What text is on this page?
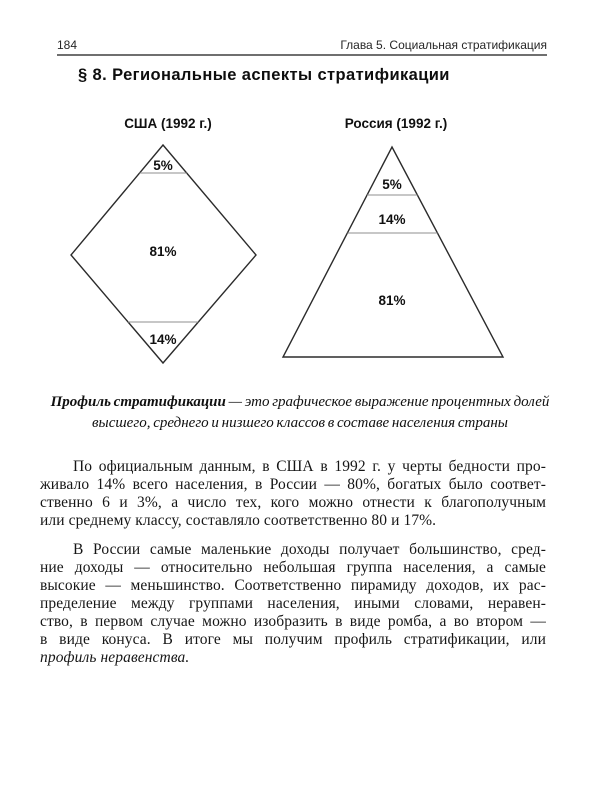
184	Глава 5. Социальная стратификация
§ 8. Региональные аспекты стратификации
США (1992 г.)
5%
81%
14%
Россия (1992 г.)
5%
14%
81%
Профиль стратификации — это графическое выражение процентных долей
высшего, среднего и низшего классов в составе населения страны
По официальным данным, в США в 1992 г. у черты бедности про-
живало 14% всего населения, в России — 80%, богатых было соответ-
ственно 6 и 3%, а число тех, кого можно отнести к благополучным
или среднему классу, составляло соответственно 80 и 17%.
В России самые маленькие доходы получает большинство, сред-
ние доходы — относительно небольшая группа населения, а самые
высокие — меньшинство. Соответственно пирамиду доходов, их рас-
пределение между группами населения, иными словами, неравен-
ство, в первом случае можно изобразить в виде ромба, а во втором —
в виде конуса. В итоге мы получим профиль стратификации, или
профиль неравенства.
